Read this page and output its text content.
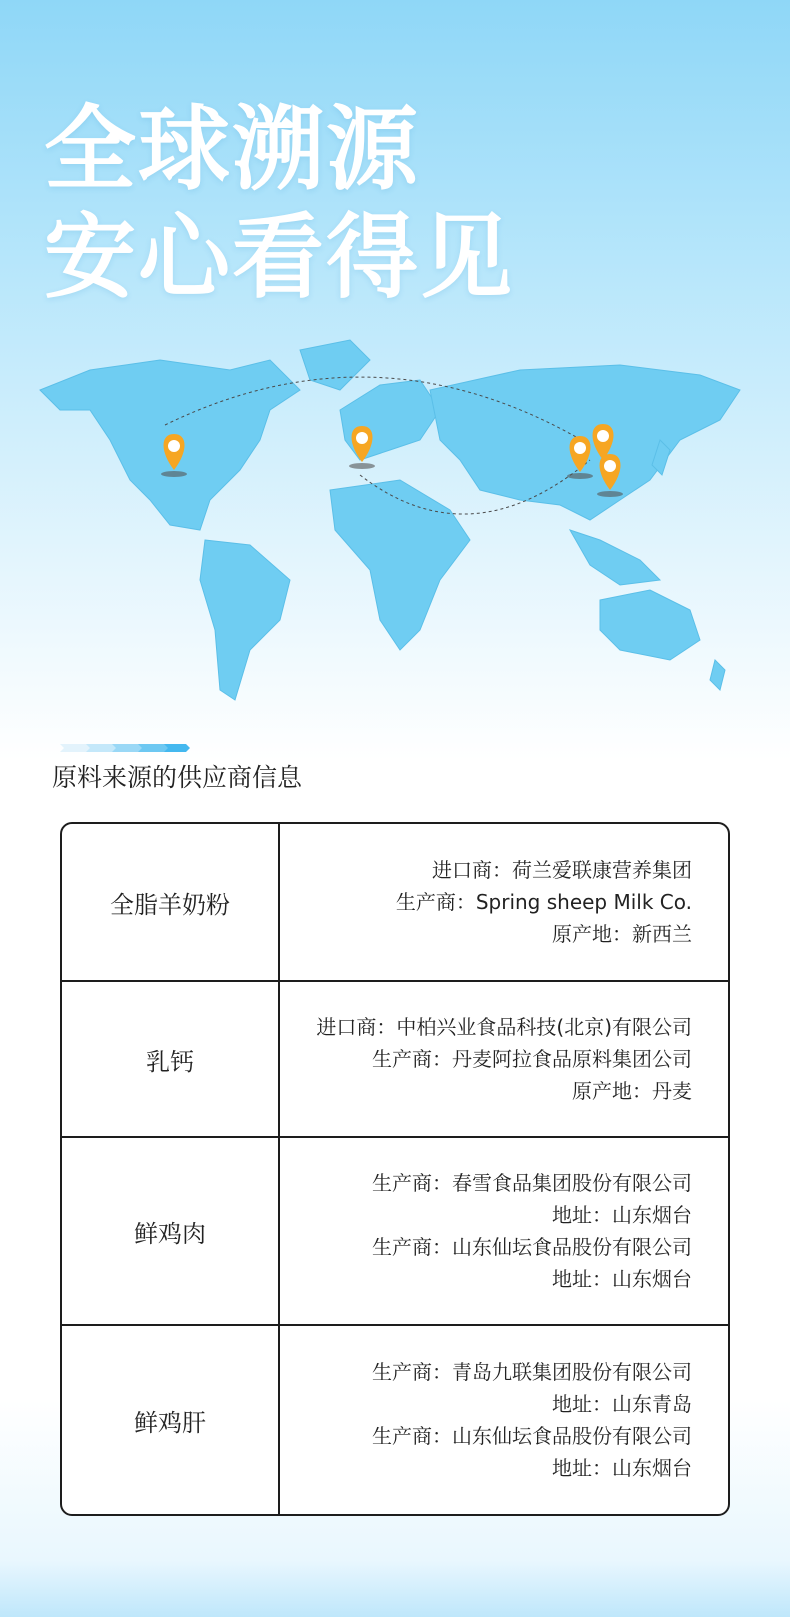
全球溯源
安心看得见
原料来源的供应商信息
全脂羊奶粉
进口商：荷兰爱联康营养集团
生产商：Spring sheep Milk Co.
原产地：新西兰
乳钙
进口商：中柏兴业食品科技(北京)有限公司
生产商：丹麦阿拉食品原料集团公司
原产地：丹麦
鲜鸡肉
生产商：春雪食品集团股份有限公司
地址：山东烟台
生产商：山东仙坛食品股份有限公司
地址：山东烟台
鲜鸡肝
生产商：青岛九联集团股份有限公司
地址：山东青岛
生产商：山东仙坛食品股份有限公司
地址：山东烟台
